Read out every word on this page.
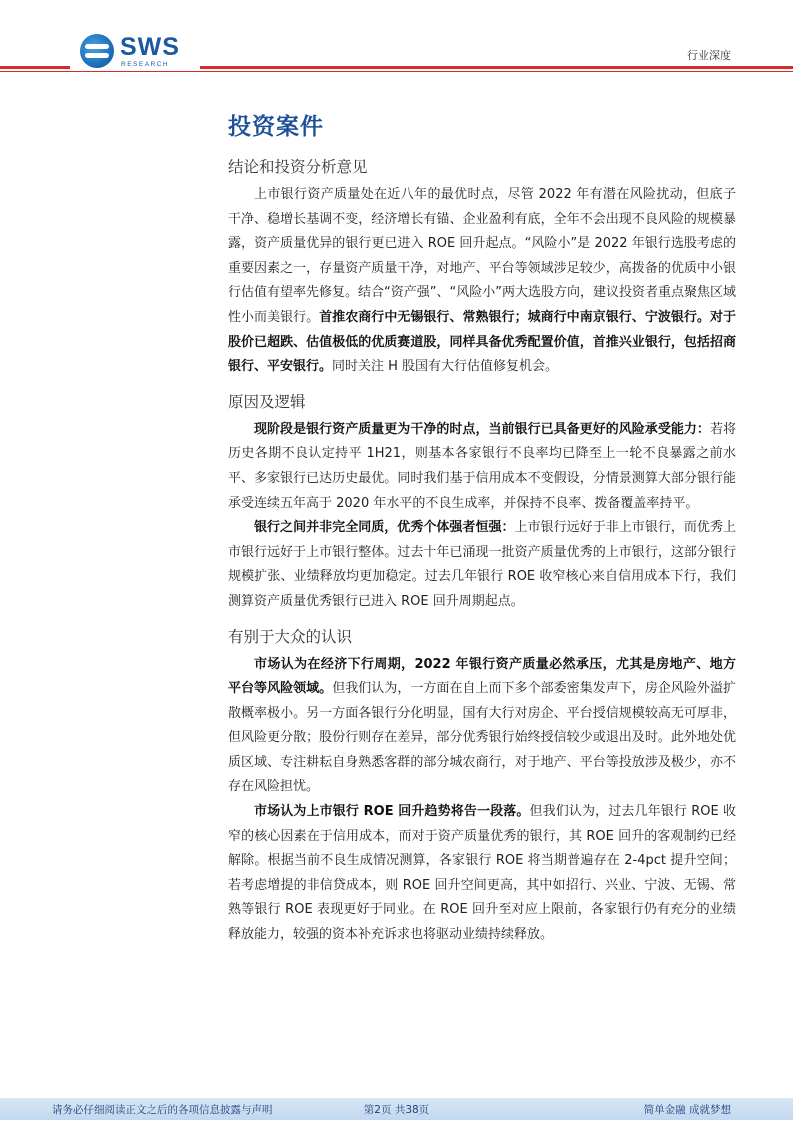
SWS
RESEARCH
行业深度
投资案件
结论和投资分析意见

上市银行资产质量处在近八年的最优时点，尽管 2022 年有潜在风险扰动，但底子干净、稳增长基调不变，经济增长有锚、企业盈利有底，全年不会出现不良风险的规模暴露，资产质量优异的银行更已进入 ROE 回升起点。“风险小”是 2022 年银行选股考虑的重要因素之一，存量资产质量干净，对地产、平台等领域涉足较少，高拨备的优质中小银行估值有望率先修复。结合“资产强”、“风险小”两大选股方向，建议投资者重点聚焦区域性小而美银行。首推农商行中无锡银行、常熟银行；城商行中南京银行、宁波银行。对于股价已超跌、估值极低的优质赛道股，同样具备优秀配置价值，首推兴业银行，包括招商银行、平安银行。同时关注 H 股国有大行估值修复机会。

原因及逻辑

现阶段是银行资产质量更为干净的时点，当前银行已具备更好的风险承受能力：若将历史各期不良认定持平 1H21，则基本各家银行不良率均已降至上一轮不良暴露之前水平、多家银行已达历史最优。同时我们基于信用成本不变假设，分情景测算大部分银行能承受连续五年高于 2020 年水平的不良生成率，并保持不良率、拨备覆盖率持平。

银行之间并非完全同质，优秀个体强者恒强：上市银行远好于非上市银行，而优秀上市银行远好于上市银行整体。过去十年已涌现一批资产质量优秀的上市银行，这部分银行规模扩张、业绩释放均更加稳定。过去几年银行 ROE 收窄核心来自信用成本下行，我们测算资产质量优秀银行已进入 ROE 回升周期起点。

有别于大众的认识

市场认为在经济下行周期，2022 年银行资产质量必然承压，尤其是房地产、地方平台等风险领域。但我们认为，一方面在自上而下多个部委密集发声下，房企风险外溢扩散概率极小。另一方面各银行分化明显，国有大行对房企、平台授信规模较高无可厚非，但风险更分散；股份行则存在差异，部分优秀银行始终授信较少或退出及时。此外地处优质区域、专注耕耘自身熟悉客群的部分城农商行，对于地产、平台等投放涉及极少，亦不存在风险担忧。

市场认为上市银行 ROE 回升趋势将告一段落。但我们认为，过去几年银行 ROE 收窄的核心因素在于信用成本，而对于资产质量优秀的银行，其 ROE 回升的客观制约已经解除。根据当前不良生成情况测算，各家银行 ROE 将当期普遍存在 2-4pct 提升空间；若考虑增提的非信贷成本，则 ROE 回升空间更高，其中如招行、兴业、宁波、无锡、常熟等银行 ROE 表现更好于同业。在 ROE 回升至对应上限前，各家银行仍有充分的业绩释放能力，较强的资本补充诉求也将驱动业绩持续释放。

请务必仔细阅读正文之后的各项信息披露与声明	第2页 共38页	简单金融 成就梦想
